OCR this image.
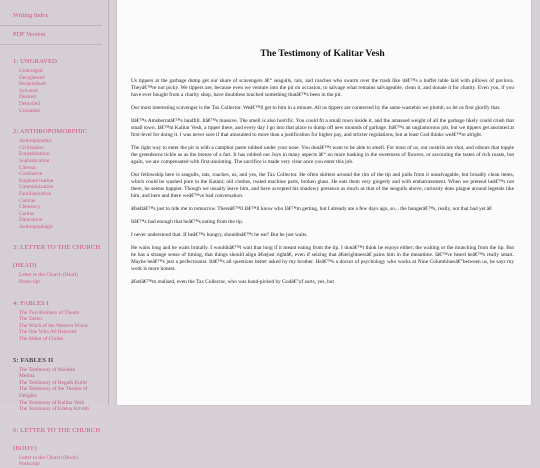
Writing Index
PDF Version
1: UNGRAVED
Undredged
Decyphered
Hospitalised
Sylvated
Deaired
Demoiled
Unloaded
2: ANTHROPOMORPHIC
Anthropopathic
Civilisation
Empathisation
Sophistication
Liberna
Combative
Emphaticisation
Communization
Familiarisation
Cantrae
Clemency
Caritas
Damnation
Anthropophagic
3: LETTER TO THE CHURCH (HEAD)
Letter to the Church (Head)
Postscript
4: FABLES I
The Two Brothers of Theom
The Tattler
The Witch of the Western Winds
The One Who All Rejected
The Abbot of Chrdar
5: FABLES II
The Testimony of Abishah
Meshta
The Testimony of Hegath Kulitt
The Testimony of the Theatre of
Delights
The Testimony of Kalitar Vesh
The Testimony of Edelsa Krivitti
6: LETTER TO THE CHURCH (BODY)
Letter to the Church (Body)
Postscript
The Testimony of Kalitar Vesh

Us tippers at the garbage dump get our share of scavengers â€“ seagulls, rats, and roaches who swarm over the trash like itâ€™s a buffet table laid with pillows of pavlova. Theyâ€™re not picky. We tippers are, because even we venture into the pit on occasion, to salvage what remains salvageable, clean it, and donate it for charity. Even you, if you have ever bought from a charity shop, have doubtless touched something thatâ€™s been in the pit.

Our most interesting scavenger is the Tax Collector. Weâ€™ll get to him in a minute. All us tippers are connected by the same wastebin we plumb; so let us first glorify that.

Itâ€™s Amsherratâ€™s landfill. Itâ€™s massive. The smell is also horrific. You could fit a small town inside it, and the amassed weight of all the garbage likely could crush that small town. Iâ€™m Kalitar Vesh, a tipper there, and every day I go into that place to dump off new mounds of garbage. Itâ€™s an unglamorous job, but we tippers get anointed at first-level for doing it. I was never sure if that amounted to more than a justification for higher pay, and stricter regulations, but at least God thinks weâ€™re alright.

The right way to enter the pit is with a camphor paste rubbed under your nose. You donâ€™t want to be able to smell. For most of us, our nostrils are shot, and odours that topple the greenhorns tickle us as the breeze of a fart. It has robbed our Joys in many aspects â€“ no more basking in the sweetness of flowers, or savouring the tastes of rich roasts, but again, we are compensated with first-anointing. The sacrifice is made very clear once you enter this job.

Our fellowship here is seagulls, rats, roaches, us, and yes, the Tax Collector. He often skitters around the rim of the tip and pulls from it unsalvagable, but broadly clean items, which could be washed pure in the Katani; old clothes, rusted machine parts, broken glass. He eats them very gingerly and with embarrassment. When we pretend heâ€™s not there, he seems happier. Though we usually leave him, and have accepted his shadowy presence as much as that of the seagulls above, curiosity does plague around legends like him, and here and there weâ€™ve had conversation.

â€œItâ€™s just to tide me to tomorrow. Thereâ€™ll Iâ€™ll know who Iâ€™m getting, but I already ate a few days ago, so... the hungerâ€™s, really, not that bad yet.â€

Itâ€™s bad enough that heâ€™s eating from the tip.

I never understood that. If heâ€™s hungry, shouldnâ€™t he eat? But he just waits.

He waits long and he waits brutally. I wouldnâ€™t wait that long if it meant eating from the tip. I donâ€™t think he enjoys either; the waiting or the munching from the tip. But he has a strange sense of timing, that things should align â€œjust rightâ€, even if seizing that â€œrightnessâ€ pains him in the meantime. Iâ€™ve heard heâ€™s really smart. Maybe heâ€™s just a perfectionist. Itâ€™s all questions better asked by my brother. Heâ€™s a doctor of psychology who works at Nine Columbinesâ€”between us, he says my work is more honest.

â€œIâ€™m realised, even the Tax Collector, who was hand-picked by Godâ€”of sorts, yes, but
